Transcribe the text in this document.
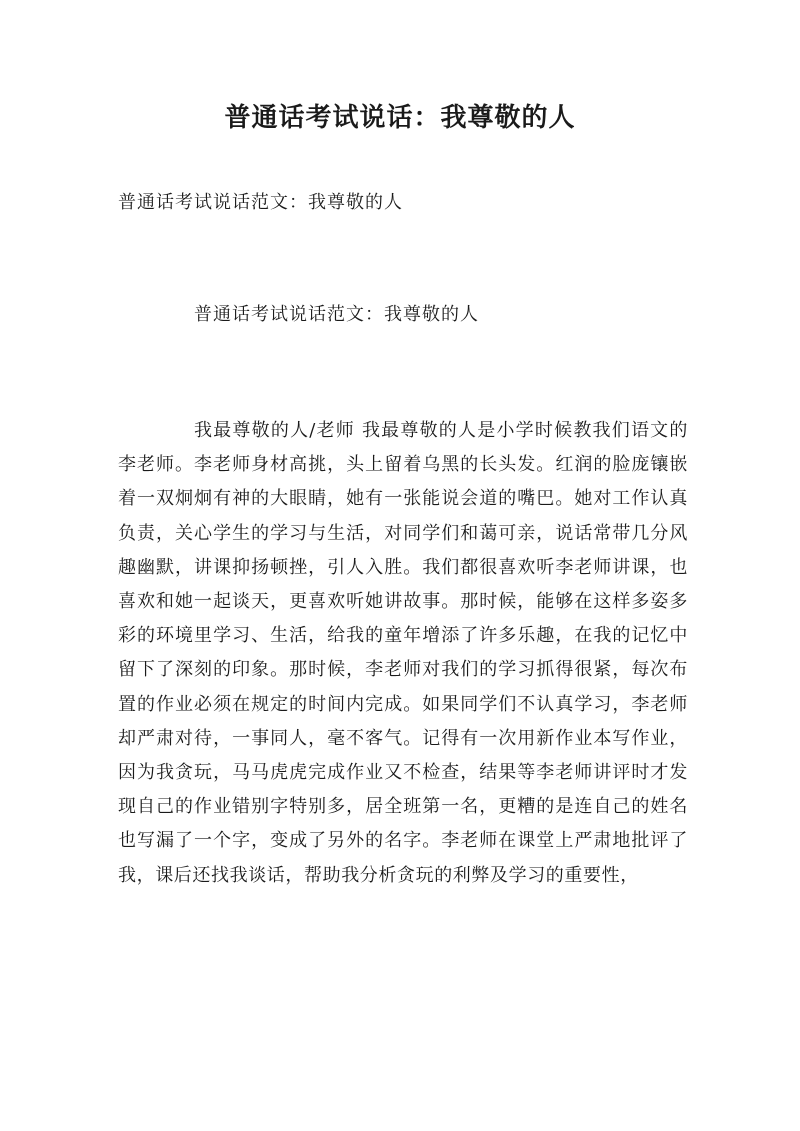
普通话考试说话：我尊敬的人

普通话考试说话范文：我尊敬的人

普通话考试说话范文：我尊敬的人

我最尊敬的人/老师 我最尊敬的人是小学时候教我们语文的李老师。李老师身材高挑，头上留着乌黑的长头发。红润的脸庞镶嵌着一双炯炯有神的大眼睛，她有一张能说会道的嘴巴。她对工作认真负责，关心学生的学习与生活，对同学们和蔼可亲，说话常带几分风趣幽默，讲课抑扬顿挫，引人入胜。我们都很喜欢听李老师讲课，也喜欢和她一起谈天，更喜欢听她讲故事。那时候，能够在这样多姿多彩的环境里学习、生活，给我的童年增添了许多乐趣，在我的记忆中留下了深刻的印象。那时候，李老师对我们的学习抓得很紧，每次布置的作业必须在规定的时间内完成。如果同学们不认真学习，李老师却严肃对待，一事同人，毫不客气。记得有一次用新作业本写作业，因为我贪玩，马马虎虎完成作业又不检查，结果等李老师讲评时才发现自己的作业错别字特别多，居全班第一名，更糟的是连自己的姓名也写漏了一个字，变成了另外的名字。李老师在课堂上严肃地批评了我，课后还找我谈话，帮助我分析贪玩的利弊及学习的重要性，
